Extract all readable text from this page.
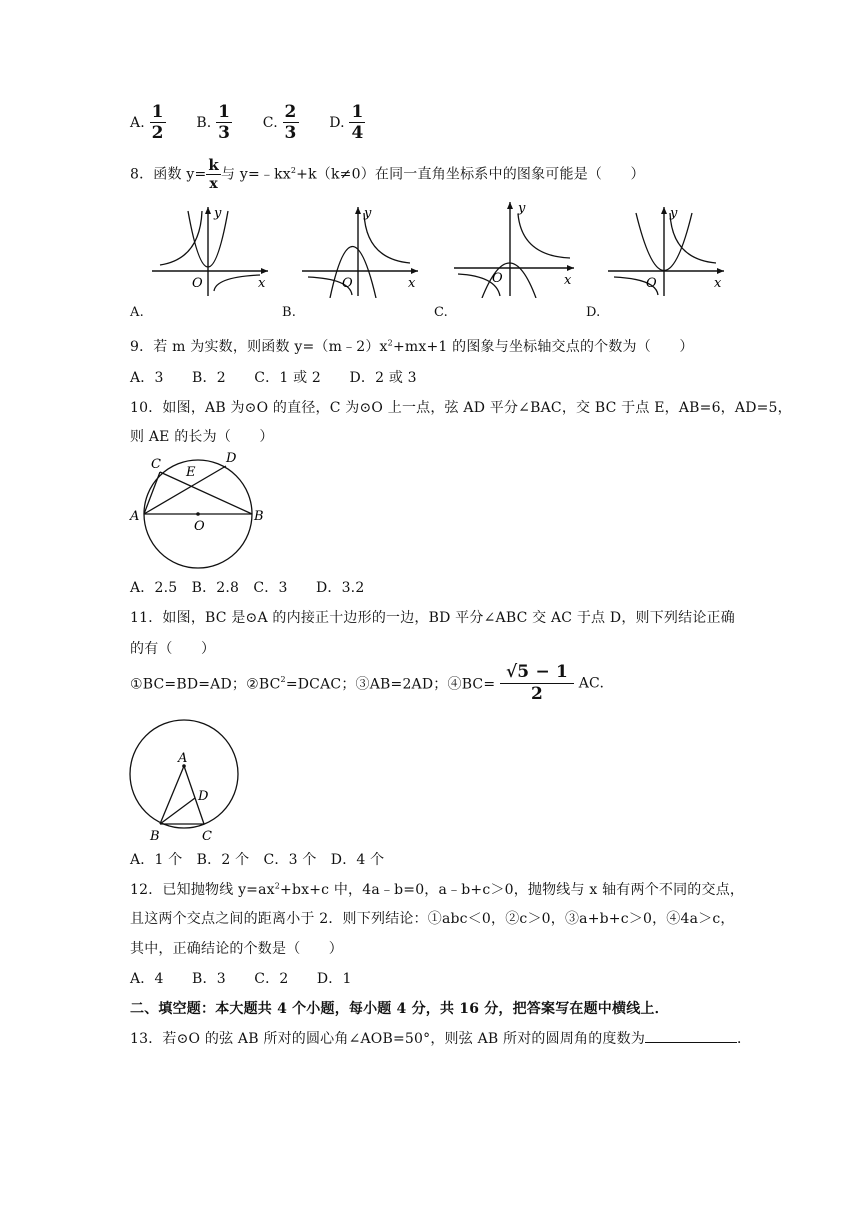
A. $\frac{1}{2} B$. $\frac{1}{3} C$. $\frac{2}{3} D$. $\frac{1}{4}$
8．函数 $y= \frac{k}{x}$ 与 $y=﹣kx^2+k(k\ne 0)$在同一直角坐标系中的图象可能是（　　）
y
x
O
y
x
O
y
x
O
y
x
O
A.	B.	C.	D.
9．若 m 为实数，则函数 $y=(m﹣2)x^2+mx+1$ 的图象与坐标轴交点的个数为（　　）
A．3　　B．2　　C．1 或 2　　D．2 或 3
10．如图，AB 为⊙O 的直径，C 为⊙O 上一点，弦 AD 平分∠BAC，交 BC 于点 E，AB=6，AD=5，
则 AE 的长为（　　）
A	B
C	D
E
O
A．2.5　B．2.8　C．3　　D．3.2
11．如图，BC 是⊙A 的内接正十边形的一边，BD 平分∠ABC 交 AC 于点 D，则下列结论正确
的有（　　）
①BC=BD=AD；$②BC^2=DCAC$；③AB=2AD；④BC= $\frac{√5 - 1}{2}$ AC.
A
B	C
D
A．1 个　B．2 个　C．3 个　D．4 个
12．已知抛物线 $y=ax^2+bx+c$ 中，4a﹣b=0，a﹣b+c＞0，抛物线与 x 轴有两个不同的交点，
且这两个交点之间的距离小于 2．则下列结论：①abc＜0，②c＞0，③a+b+c＞0，④4a＞c，
其中，正确结论的个数是（　　）
A．4　　B．3　　C．2　　D．1
二、填空题：本大题共 4 个小题，每小题 4 分，共 16 分，把答案写在题中横线上．
13．若⊙O 的弦 AB 所对的圆心角∠AOB=50°，则弦 AB 所对的圆周角的度数为	．
